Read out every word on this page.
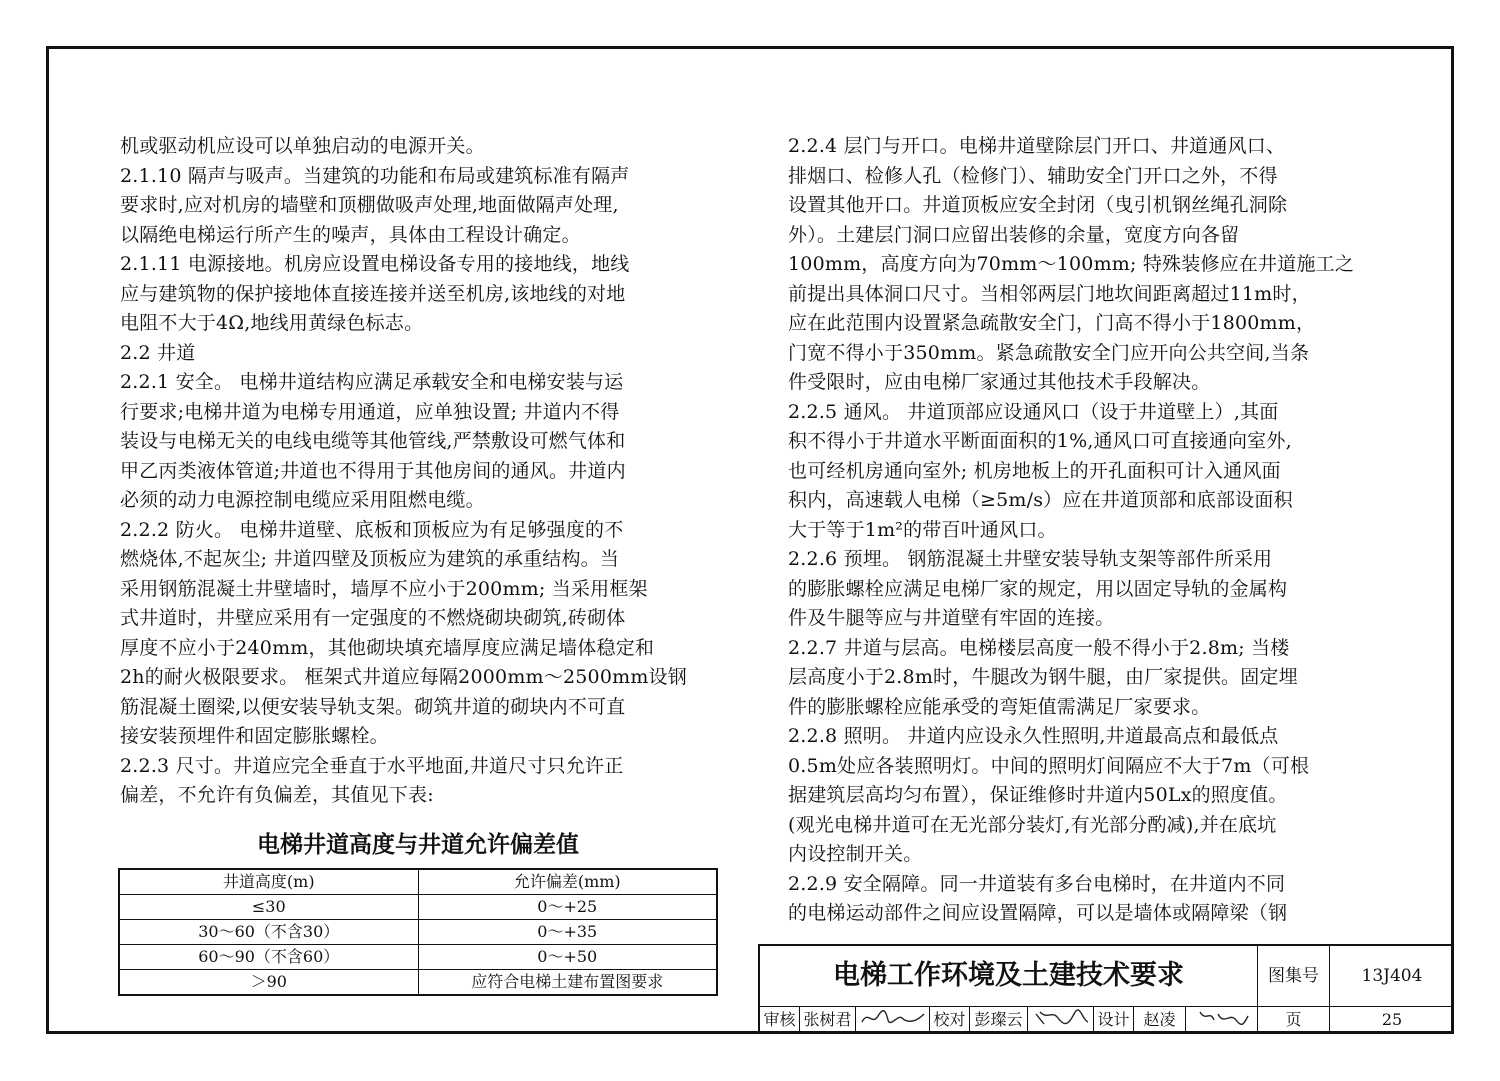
机或驱动机应设可以单独启动的电源开关。

2.1.10 隔声与吸声。当建筑的功能和布局或建筑标准有隔声

要求时,应对机房的墙壁和顶棚做吸声处理,地面做隔声处理,

以隔绝电梯运行所产生的噪声，具体由工程设计确定。

2.1.11 电源接地。机房应设置电梯设备专用的接地线，地线

应与建筑物的保护接地体直接连接并送至机房,该地线的对地

电阻不大于4Ω,地线用黄绿色标志。

2.2 井道

2.2.1 安全。 电梯井道结构应满足承载安全和电梯安装与运

行要求;电梯井道为电梯专用通道，应单独设置; 井道内不得

装设与电梯无关的电线电缆等其他管线,严禁敷设可燃气体和

甲乙丙类液体管道;井道也不得用于其他房间的通风。井道内

必须的动力电源控制电缆应采用阻燃电缆。

2.2.2 防火。 电梯井道壁、底板和顶板应为有足够强度的不

燃烧体,不起灰尘; 井道四壁及顶板应为建筑的承重结构。当

采用钢筋混凝土井壁墙时，墙厚不应小于200mm; 当采用框架

式井道时，井壁应采用有一定强度的不燃烧砌块砌筑,砖砌体

厚度不应小于240mm，其他砌块填充墙厚度应满足墙体稳定和

2h的耐火极限要求。 框架式井道应每隔2000mm～2500mm设钢

筋混凝土圈梁,以便安装导轨支架。砌筑井道的砌块内不可直

接安装预埋件和固定膨胀螺栓。

2.2.3 尺寸。井道应完全垂直于水平地面,井道尺寸只允许正

偏差，不允许有负偏差，其值见下表:

电梯井道高度与井道允许偏差值
井道高度(m)	允许偏差(mm)
≤30	0～+25
30～60（不含30）	0～+35
60～90（不含60）	0～+50
＞90	应符合电梯土建布置图要求

2.2.4 层门与开口。电梯井道壁除层门开口、井道通风口、

排烟口、检修人孔（检修门）、辅助安全门开口之外，不得

设置其他开口。井道顶板应安全封闭（曳引机钢丝绳孔洞除

外）。土建层门洞口应留出装修的余量，宽度方向各留

100mm，高度方向为70mm～100mm; 特殊装修应在井道施工之

前提出具体洞口尺寸。当相邻两层门地坎间距离超过11m时，

应在此范围内设置紧急疏散安全门，门高不得小于1800mm，

门宽不得小于350mm。紧急疏散安全门应开向公共空间,当条

件受限时，应由电梯厂家通过其他技术手段解决。

2.2.5 通风。 井道顶部应设通风口（设于井道壁上）,其面

积不得小于井道水平断面面积的1%,通风口可直接通向室外,

也可经机房通向室外; 机房地板上的开孔面积可计入通风面

积内，高速载人电梯（≥5m/s）应在井道顶部和底部设面积

大于等于1m²的带百叶通风口。

2.2.6 预埋。 钢筋混凝土井壁安装导轨支架等部件所采用

的膨胀螺栓应满足电梯厂家的规定，用以固定导轨的金属构

件及牛腿等应与井道壁有牢固的连接。

2.2.7 井道与层高。电梯楼层高度一般不得小于2.8m; 当楼

层高度小于2.8m时，牛腿改为钢牛腿，由厂家提供。固定埋

件的膨胀螺栓应能承受的弯矩值需满足厂家要求。

2.2.8 照明。 井道内应设永久性照明,井道最高点和最低点

0.5m处应各装照明灯。中间的照明灯间隔应不大于7m（可根

据建筑层高均匀布置），保证维修时井道内50Lx的照度值。

(观光电梯井道可在无光部分装灯,有光部分酌减),并在底坑

内设控制开关。

2.2.9 安全隔障。同一井道装有多台电梯时，在井道内不同

的电梯运动部件之间应设置隔障，可以是墙体或隔障梁（钢

电梯工作环境及土建技术要求	图集号	13J404
审核 张树君	校对 彭璨云	设计 赵凌	页	25
